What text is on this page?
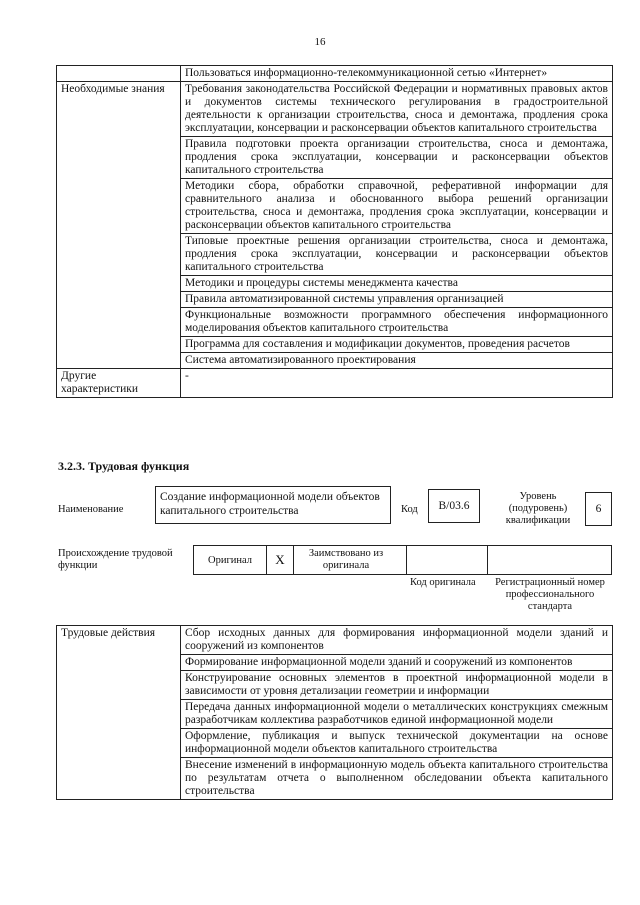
16
	Пользоваться информационно-телекоммуникационной сетью «Интернет»
Необходимые знания	Требования законодательства Российской Федерации и нормативных правовых актов и документов системы технического регулирования в градостроительной деятельности к организации строительства, сноса и демонтажа, продления срока эксплуатации, консервации и расконсервации объектов капитального строительства
	Правила подготовки проекта организации строительства, сноса и демонтажа, продления срока эксплуатации, консервации и расконсервации объектов капитального строительства
	Методики сбора, обработки справочной, реферативной информации для сравнительного анализа и обоснованного выбора решений организации строительства, сноса и демонтажа, продления срока эксплуатации, консервации и расконсервации объектов капитального строительства
	Типовые проектные решения организации строительства, сноса и демонтажа, продления срока эксплуатации, консервации и расконсервации объектов капитального строительства
	Методики и процедуры системы менеджмента качества
	Правила автоматизированной системы управления организацией
	Функциональные возможности программного обеспечения информационного моделирования объектов капитального строительства
	Программа для составления и модификации документов, проведения расчетов
	Система автоматизированного проектирования
Другие характеристики	-
3.2.3. Трудовая функция
Наименование
Создание информационной модели объектов капитального строительства	Код	B/03.6
Уровень (подуровень) квалификации
6
Происхождение трудовой функции	Оригинал	X	Заимствовано из оригинала
Код оригинала	Регистрационный номер профессионального стандарта
Трудовые действия	Сбор исходных данных для формирования информационной модели зданий и сооружений из компонентов
Формирование информационной модели зданий и сооружений из компонентов
Конструирование основных элементов в проектной информационной модели в зависимости от уровня детализации геометрии и информации
Передача данных информационной модели о металлических конструкциях смежным разработчикам коллектива разработчиков единой информационной модели
Оформление, публикация и выпуск технической документации на основе информационной модели объектов капитального строительства
Внесение изменений в информационную модель объекта капитального строительства по результатам отчета о выполненном обследовании объекта капитального строительства
